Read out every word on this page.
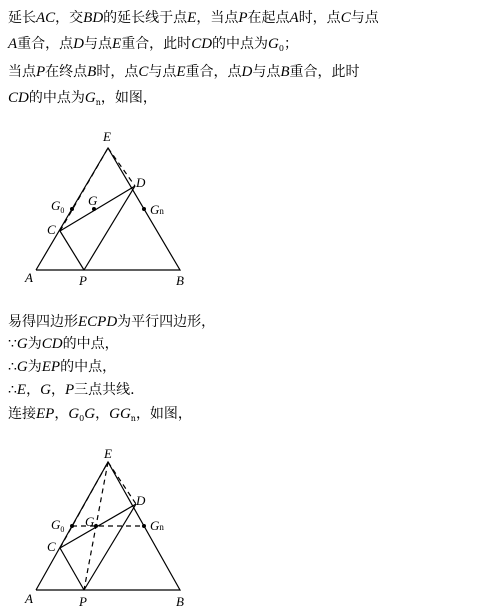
延长AC，交BD的延长线于点E，当点P在起点A时，点C与点
A重合，点D与点E重合，此时CD的中点为$G_0$；
当点P在终点B时，点C与点E重合，点D与点B重合，此时
CD的中点为$G_n$，如图，
E
D
$G_0$
G
Gn
C
A	P	B
易得四边形ECPD为平行四边形，
∵G为CD的中点，
∴G为EP的中点，
∴E，G，P三点共线.
连接EP，$G_0G$，$GG_n$，如图，
E
D
$G_0$
G	Gn
C
A	P	B
